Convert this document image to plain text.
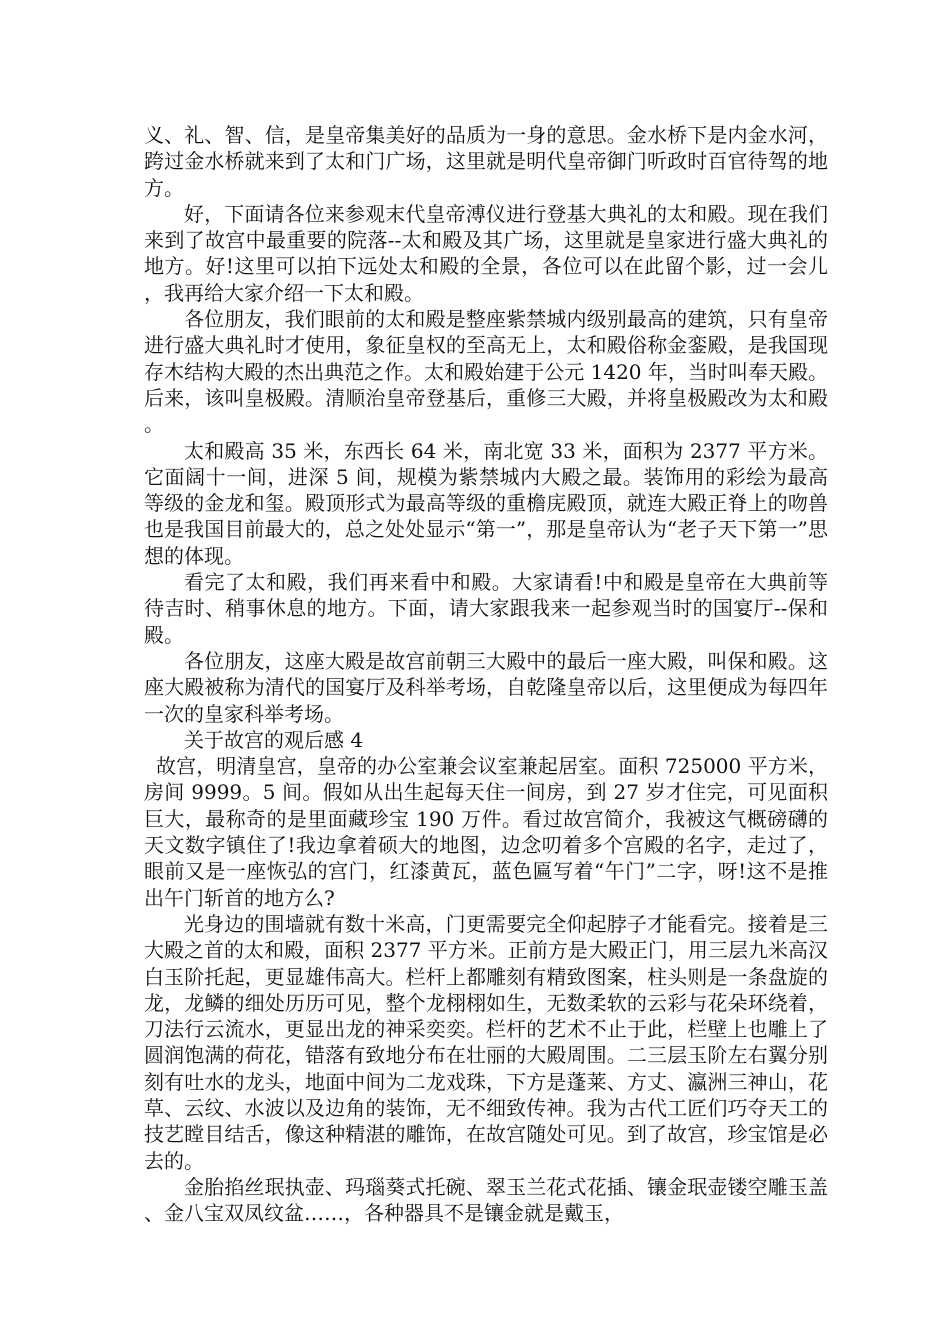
义、礼、智、信，是皇帝集美好的品质为一身的意思。金水桥下是内金水河，跨过金水桥就来到了太和门广场，这里就是明代皇帝御门听政时百官待驾的地方。

好，下面请各位来参观末代皇帝溥仪进行登基大典礼的太和殿。现在我们来到了故宫中最重要的院落--太和殿及其广场，这里就是皇家进行盛大典礼的地方。好!这里可以拍下远处太和殿的全景，各位可以在此留个影，过一会儿，我再给大家介绍一下太和殿。

各位朋友，我们眼前的太和殿是整座紫禁城内级别最高的建筑，只有皇帝进行盛大典礼时才使用，象征皇权的至高无上，太和殿俗称金銮殿，是我国现存木结构大殿的杰出典范之作。太和殿始建于公元 1420 年，当时叫奉天殿。后来，该叫皇极殿。清顺治皇帝登基后，重修三大殿，并将皇极殿改为太和殿。

太和殿高 35 米，东西长 64 米，南北宽 33 米，面积为 2377 平方米。它面阔十一间，进深 5 间，规模为紫禁城内大殿之最。装饰用的彩绘为最高等级的金龙和玺。殿顶形式为最高等级的重檐庑殿顶，就连大殿正脊上的吻兽也是我国目前最大的，总之处处显示“第一”，那是皇帝认为“老子天下第一”思想的体现。

看完了太和殿，我们再来看中和殿。大家请看!中和殿是皇帝在大典前等待吉时、稍事休息的地方。下面，请大家跟我来一起参观当时的国宴厅--保和殿。

各位朋友，这座大殿是故宫前朝三大殿中的最后一座大殿，叫保和殿。这座大殿被称为清代的国宴厅及科举考场，自乾隆皇帝以后，这里便成为每四年一次的皇家科举考场。

关于故宫的观后感 4

故宫，明清皇宫，皇帝的办公室兼会议室兼起居室。面积 725000 平方米，房间 9999。5 间。假如从出生起每天住一间房，到 27 岁才住完，可见面积巨大，最称奇的是里面藏珍宝 190 万件。看过故宫简介，我被这气概磅礴的天文数字镇住了!我边拿着硕大的地图，边念叨着多个宫殿的名字，走过了，眼前又是一座恢弘的宫门，红漆黄瓦，蓝色匾写着“午门”二字，呀!这不是推出午门斩首的地方么?

光身边的围墙就有数十米高，门更需要完全仰起脖子才能看完。接着是三大殿之首的太和殿，面积 2377 平方米。正前方是大殿正门，用三层九米高汉白玉阶托起，更显雄伟高大。栏杆上都雕刻有精致图案，柱头则是一条盘旋的龙，龙鳞的细处历历可见，整个龙栩栩如生，无数柔软的云彩与花朵环绕着，刀法行云流水，更显出龙的神采奕奕。栏杆的艺术不止于此，栏壁上也雕上了圆润饱满的荷花，错落有致地分布在壮丽的大殿周围。二三层玉阶左右翼分别刻有吐水的龙头，地面中间为二龙戏珠，下方是蓬莱、方丈、瀛洲三神山，花草、云纹、水波以及边角的装饰，无不细致传神。我为古代工匠们巧夺天工的技艺瞠目结舌，像这种精湛的雕饰，在故宫随处可见。到了故宫，珍宝馆是必去的。

金胎掐丝珉执壶、玛瑙葵式托碗、翠玉兰花式花插、镶金珉壶镂空雕玉盖、金八宝双凤纹盆……，各种器具不是镶金就是戴玉，
